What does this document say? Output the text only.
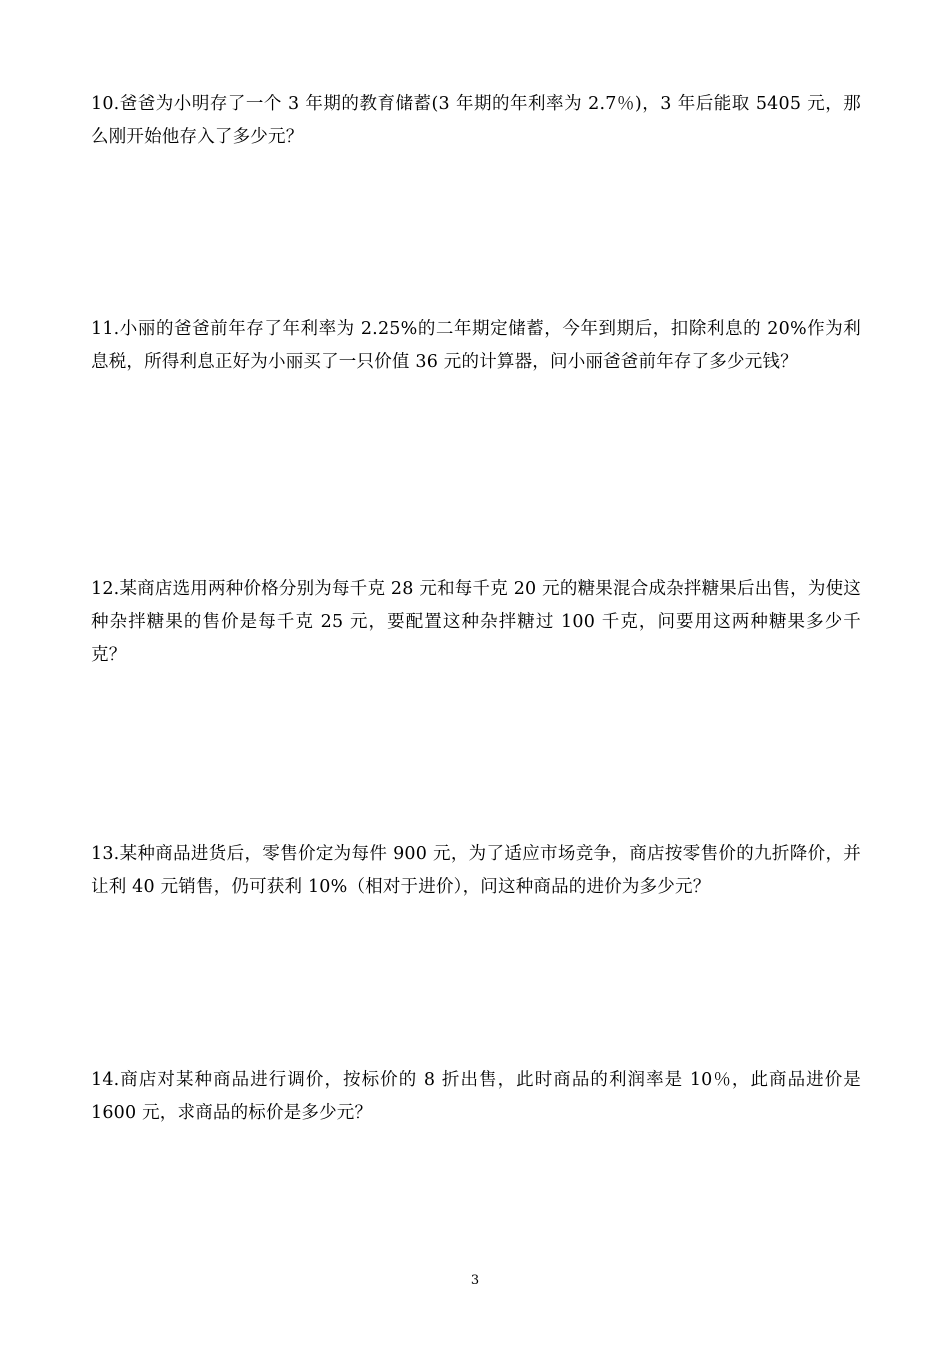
10.爸爸为小明存了一个 3 年期的教育储蓄(3 年期的年利率为 2.7％)，3 年后能取 5405 元，那么刚开始他存入了多少元？

11.小丽的爸爸前年存了年利率为 2.25%的二年期定储蓄，今年到期后，扣除利息的 20%作为利息税，所得利息正好为小丽买了一只价值 36 元的计算器，问小丽爸爸前年存了多少元钱？

12.某商店选用两种价格分别为每千克 28 元和每千克 20 元的糖果混合成杂拌糖果后出售，为使这种杂拌糖果的售价是每千克 25 元，要配置这种杂拌糖过 100 千克，问要用这两种糖果多少千克？

13.某种商品进货后，零售价定为每件 900 元，为了适应市场竞争，商店按零售价的九折降价，并让利 40 元销售，仍可获利 10%（相对于进价），问这种商品的进价为多少元？

14.商店对某种商品进行调价，按标价的 8 折出售，此时商品的利润率是 10％，此商品进价是 1600 元，求商品的标价是多少元？

3
